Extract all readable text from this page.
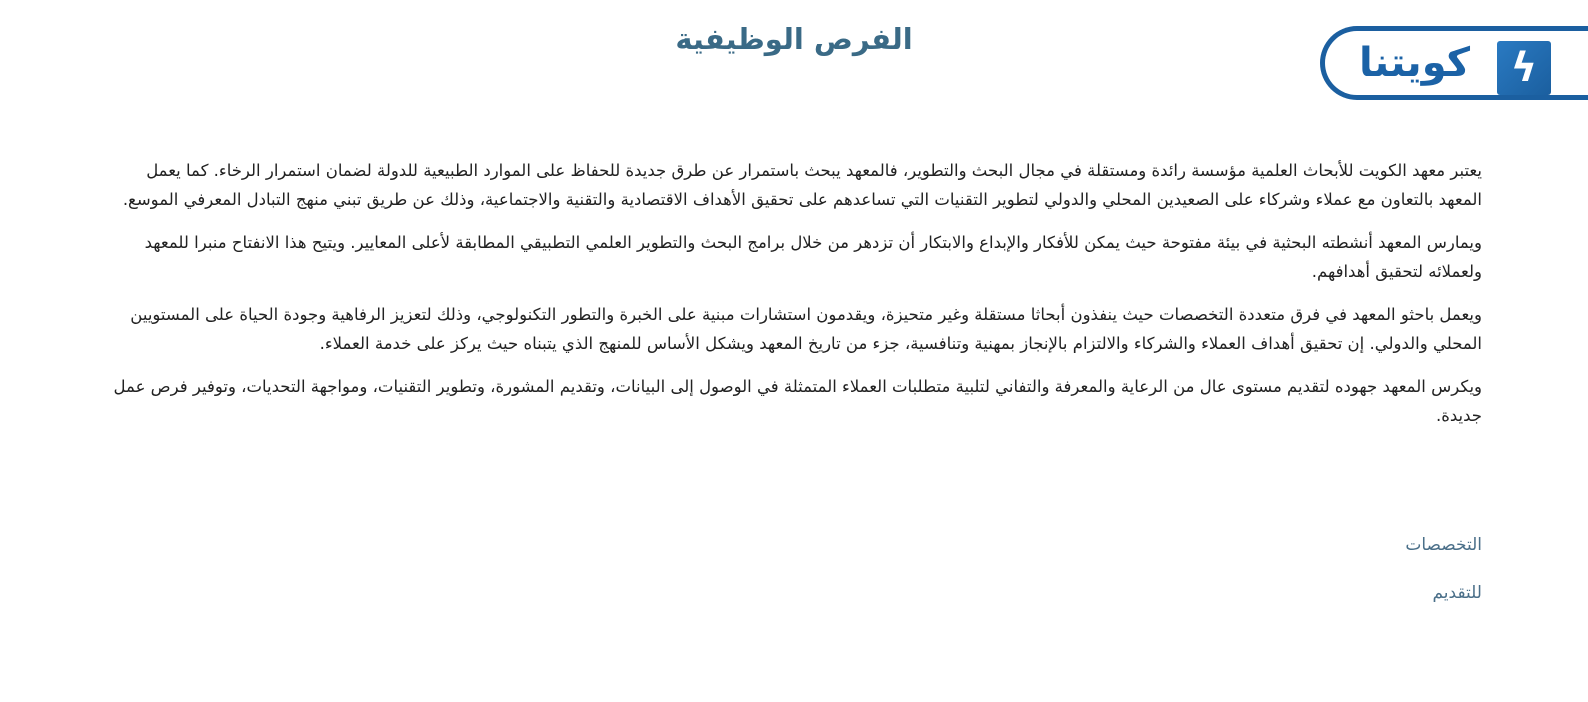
كويتنا	ϟ
الفرص الوظيفية

يعتبر معهد الكويت للأبحاث العلمية مؤسسة رائدة ومستقلة في مجال البحث والتطوير، فالمعهد يبحث باستمرار عن طرق جديدة للحفاظ على الموارد الطبيعية للدولة لضمان استمرار الرخاء. كما يعمل المعهد بالتعاون مع عملاء وشركاء على الصعيدين المحلي والدولي لتطوير التقنيات التي تساعدهم على تحقيق الأهداف الاقتصادية والتقنية والاجتماعية، وذلك عن طريق تبني منهج التبادل المعرفي الموسع.

ويمارس المعهد أنشطته البحثية في بيئة مفتوحة حيث يمكن للأفكار والإبداع والابتكار أن تزدهر من خلال برامج البحث والتطوير العلمي التطبيقي المطابقة لأعلى المعايير. ويتيح هذا الانفتاح منبرا للمعهد ولعملائه لتحقيق أهدافهم.

ويعمل باحثو المعهد في فرق متعددة التخصصات حيث ينفذون أبحاثا مستقلة وغير متحيزة، ويقدمون استشارات مبنية على الخبرة والتطور التكنولوجي، وذلك لتعزيز الرفاهية وجودة الحياة على المستويين المحلي والدولي. إن تحقيق أهداف العملاء والشركاء والالتزام بالإنجاز بمهنية وتنافسية، جزء من تاريخ المعهد ويشكل الأساس للمنهج الذي يتبناه حيث يركز على خدمة العملاء.

ويكرس المعهد جهوده لتقديم مستوى عال من الرعاية والمعرفة والتفاني لتلبية متطلبات العملاء المتمثلة في الوصول إلى البيانات، وتقديم المشورة، وتطوير التقنيات، ومواجهة التحديات، وتوفير فرص عمل جديدة.

التخصصات
للتقديم
